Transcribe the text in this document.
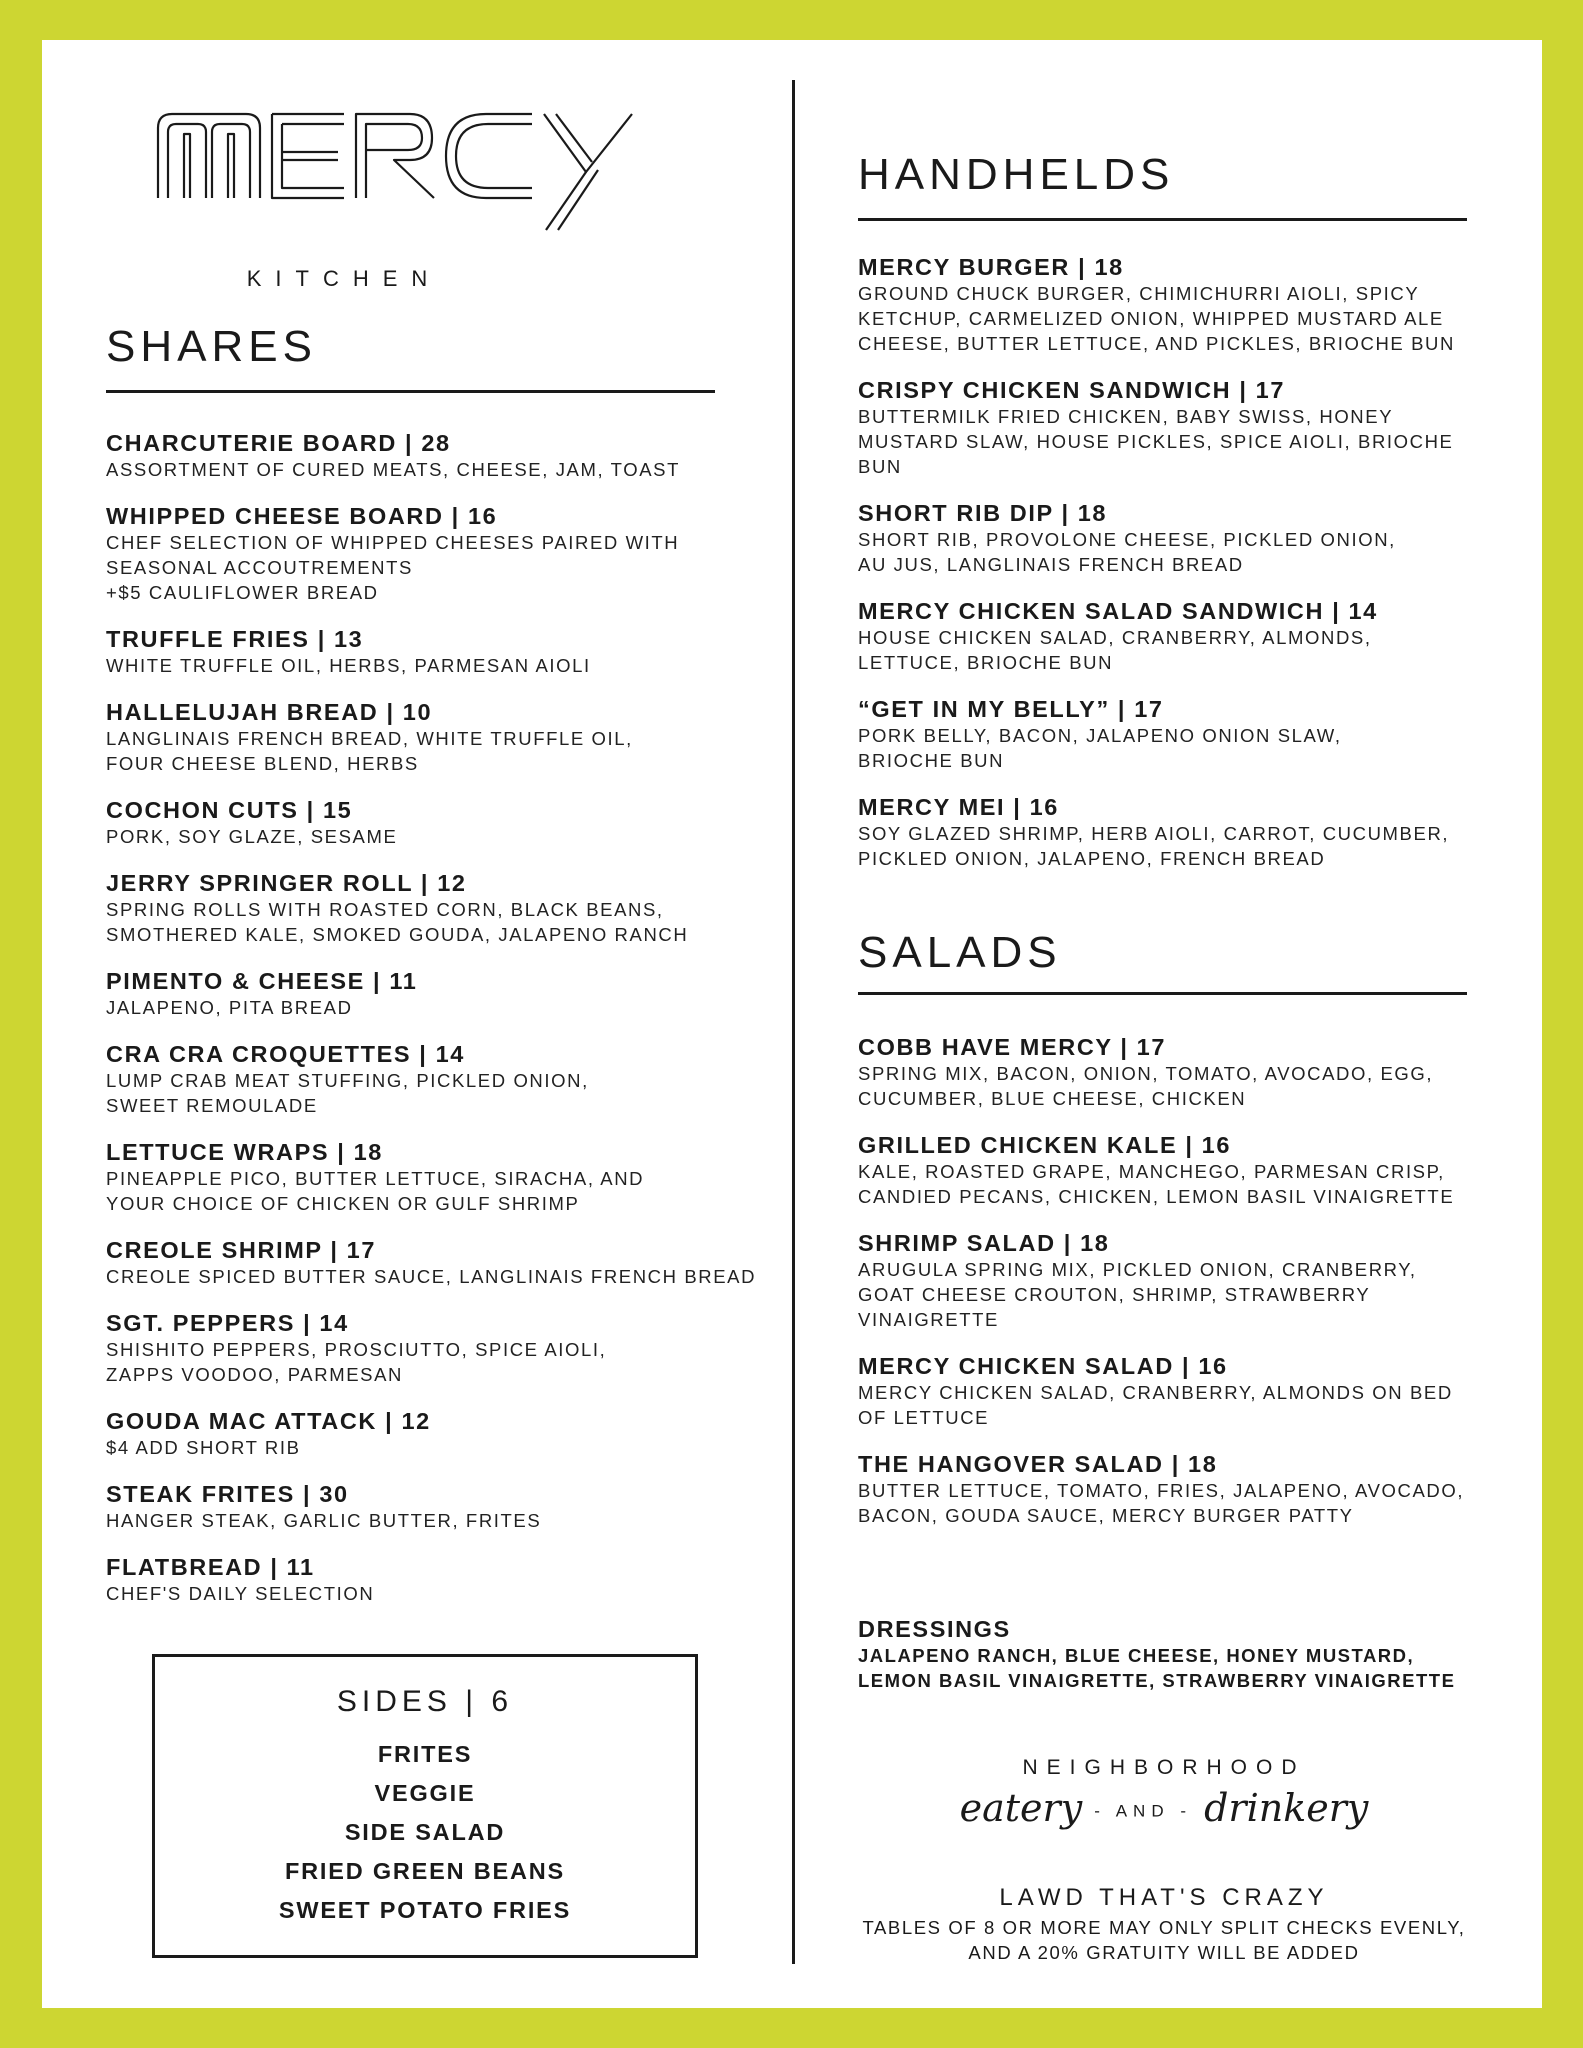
KITCHEN
SHARES
CHARCUTERIE BOARD | 28
ASSORTMENT OF CURED MEATS, CHEESE, JAM, TOAST
WHIPPED CHEESE BOARD | 16
CHEF SELECTION OF WHIPPED CHEESES PAIRED WITH
SEASONAL ACCOUTREMENTS
+$5 CAULIFLOWER BREAD
TRUFFLE FRIES | 13
WHITE TRUFFLE OIL, HERBS, PARMESAN AIOLI
HALLELUJAH BREAD | 10
LANGLINAIS FRENCH BREAD, WHITE TRUFFLE OIL,
FOUR CHEESE BLEND, HERBS
COCHON CUTS | 15
PORK, SOY GLAZE, SESAME
JERRY SPRINGER ROLL | 12
SPRING ROLLS WITH ROASTED CORN, BLACK BEANS,
SMOTHERED KALE, SMOKED GOUDA, JALAPENO RANCH
PIMENTO & CHEESE | 11
JALAPENO, PITA BREAD
CRA CRA CROQUETTES | 14
LUMP CRAB MEAT STUFFING, PICKLED ONION,
SWEET REMOULADE
LETTUCE WRAPS | 18
PINEAPPLE PICO, BUTTER LETTUCE, SIRACHA, AND
YOUR CHOICE OF CHICKEN OR GULF SHRIMP
CREOLE SHRIMP | 17
CREOLE SPICED BUTTER SAUCE, LANGLINAIS FRENCH BREAD
SGT. PEPPERS | 14
SHISHITO PEPPERS, PROSCIUTTO, SPICE AIOLI,
ZAPPS VOODOO, PARMESAN
GOUDA MAC ATTACK | 12
$4 ADD SHORT RIB
STEAK FRITES | 30
HANGER STEAK, GARLIC BUTTER, FRITES
FLATBREAD | 11
CHEF'S DAILY SELECTION
SIDES | 6
FRITES
VEGGIE
SIDE SALAD
FRIED GREEN BEANS
SWEET POTATO FRIES
HANDHELDS
MERCY BURGER | 18
GROUND CHUCK BURGER, CHIMICHURRI AIOLI, SPICY
KETCHUP, CARMELIZED ONION, WHIPPED MUSTARD ALE
CHEESE, BUTTER LETTUCE, AND PICKLES, BRIOCHE BUN
CRISPY CHICKEN SANDWICH | 17
BUTTERMILK FRIED CHICKEN, BABY SWISS, HONEY
MUSTARD SLAW, HOUSE PICKLES, SPICE AIOLI, BRIOCHE
BUN
SHORT RIB DIP | 18
SHORT RIB, PROVOLONE CHEESE, PICKLED ONION,
AU JUS, LANGLINAIS FRENCH BREAD
MERCY CHICKEN SALAD SANDWICH | 14
HOUSE CHICKEN SALAD, CRANBERRY, ALMONDS,
LETTUCE, BRIOCHE BUN
“GET IN MY BELLY” | 17
PORK BELLY, BACON, JALAPENO ONION SLAW,
BRIOCHE BUN
MERCY MEI | 16
SOY GLAZED SHRIMP, HERB AIOLI, CARROT, CUCUMBER,
PICKLED ONION, JALAPENO, FRENCH BREAD
SALADS
COBB HAVE MERCY | 17
SPRING MIX, BACON, ONION, TOMATO, AVOCADO, EGG,
CUCUMBER, BLUE CHEESE, CHICKEN
GRILLED CHICKEN KALE | 16
KALE, ROASTED GRAPE, MANCHEGO, PARMESAN CRISP,
CANDIED PECANS, CHICKEN, LEMON BASIL VINAIGRETTE
SHRIMP SALAD | 18
ARUGULA SPRING MIX, PICKLED ONION, CRANBERRY,
GOAT CHEESE CROUTON, SHRIMP, STRAWBERRY
VINAIGRETTE
MERCY CHICKEN SALAD | 16
MERCY CHICKEN SALAD, CRANBERRY, ALMONDS ON BED
OF LETTUCE
THE HANGOVER SALAD | 18
BUTTER LETTUCE, TOMATO, FRIES, JALAPENO, AVOCADO,
BACON, GOUDA SAUCE, MERCY BURGER PATTY
DRESSINGS
JALAPENO RANCH, BLUE CHEESE, HONEY MUSTARD,
LEMON BASIL VINAIGRETTE, STRAWBERRY VINAIGRETTE
NEIGHBORHOOD
eatery - AND - drinkery
LAWD THAT'S CRAZY
TABLES OF 8 OR MORE MAY ONLY SPLIT CHECKS EVENLY,
AND A 20% GRATUITY WILL BE ADDED
